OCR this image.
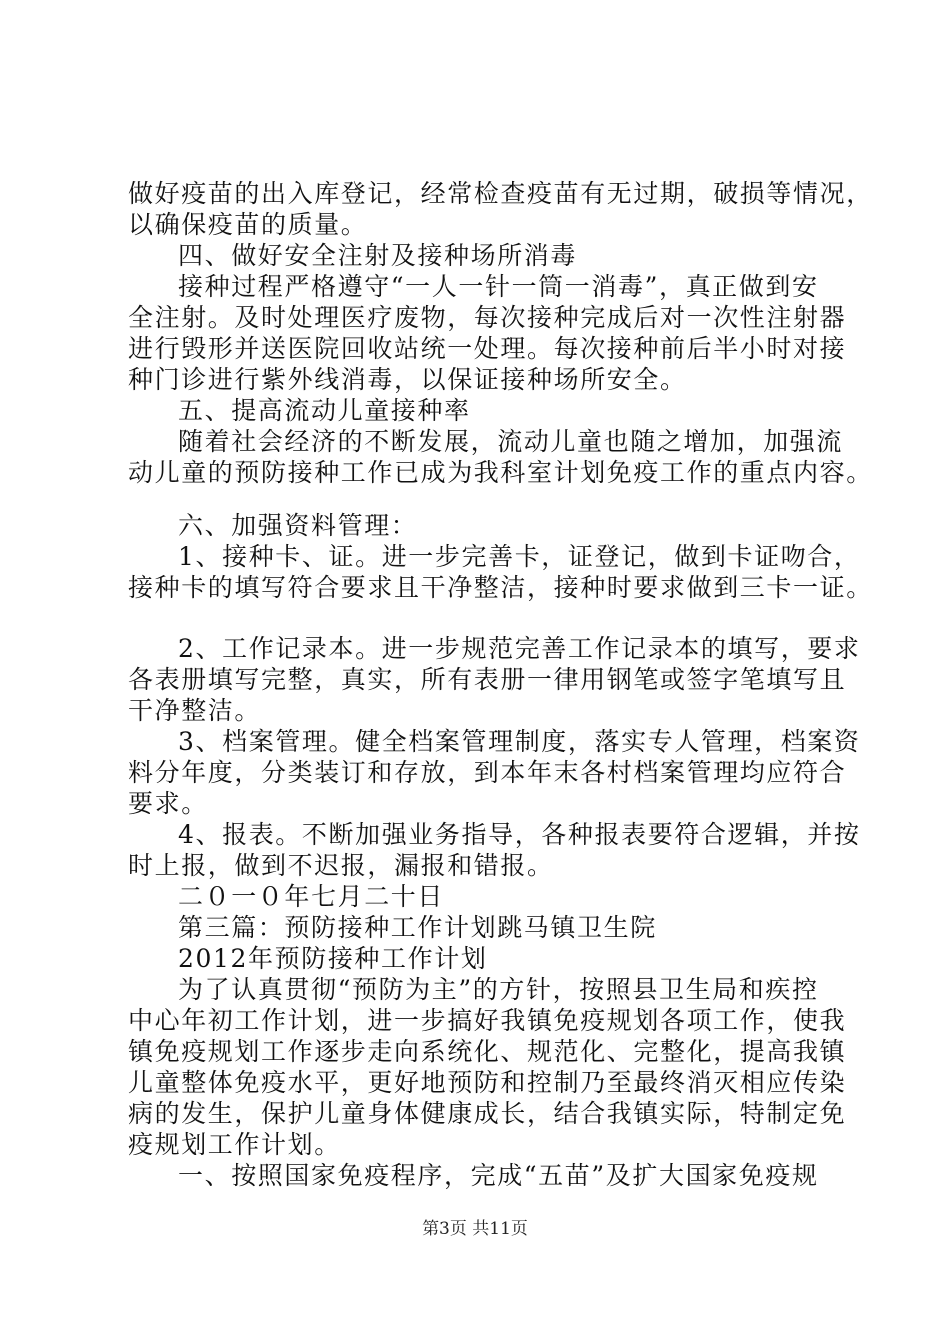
做好疫苗的出入库登记，经常检查疫苗有无过期，破损等情况，
以确保疫苗的质量。
四、做好安全注射及接种场所消毒
接种过程严格遵守“一人一针一筒一消毒”，真正做到安
全注射。及时处理医疗废物，每次接种完成后对一次性注射器
进行毁形并送医院回收站统一处理。每次接种前后半小时对接
种门诊进行紫外线消毒，以保证接种场所安全。
五、提高流动儿童接种率
随着社会经济的不断发展，流动儿童也随之增加，加强流
动儿童的预防接种工作已成为我科室计划免疫工作的重点内容。
六、加强资料管理：
1、接种卡、证。进一步完善卡，证登记，做到卡证吻合，
接种卡的填写符合要求且干净整洁，接种时要求做到三卡一证。
2、工作记录本。进一步规范完善工作记录本的填写，要求
各表册填写完整，真实，所有表册一律用钢笔或签字笔填写且
干净整洁。
3、档案管理。健全档案管理制度，落实专人管理，档案资
料分年度，分类装订和存放，到本年末各村档案管理均应符合
要求。
4、报表。不断加强业务指导，各种报表要符合逻辑，并按
时上报，做到不迟报，漏报和错报。
二０一０年七月二十日
第三篇：预防接种工作计划跳马镇卫生院
2012年预防接种工作计划
为了认真贯彻“预防为主”的方针，按照县卫生局和疾控
中心年初工作计划，进一步搞好我镇免疫规划各项工作，使我
镇免疫规划工作逐步走向系统化、规范化、完整化，提高我镇
儿童整体免疫水平，更好地预防和控制乃至最终消灭相应传染
病的发生，保护儿童身体健康成长，结合我镇实际，特制定免
疫规划工作计划。
一、按照国家免疫程序，完成“五苗”及扩大国家免疫规
第3页 共11页
